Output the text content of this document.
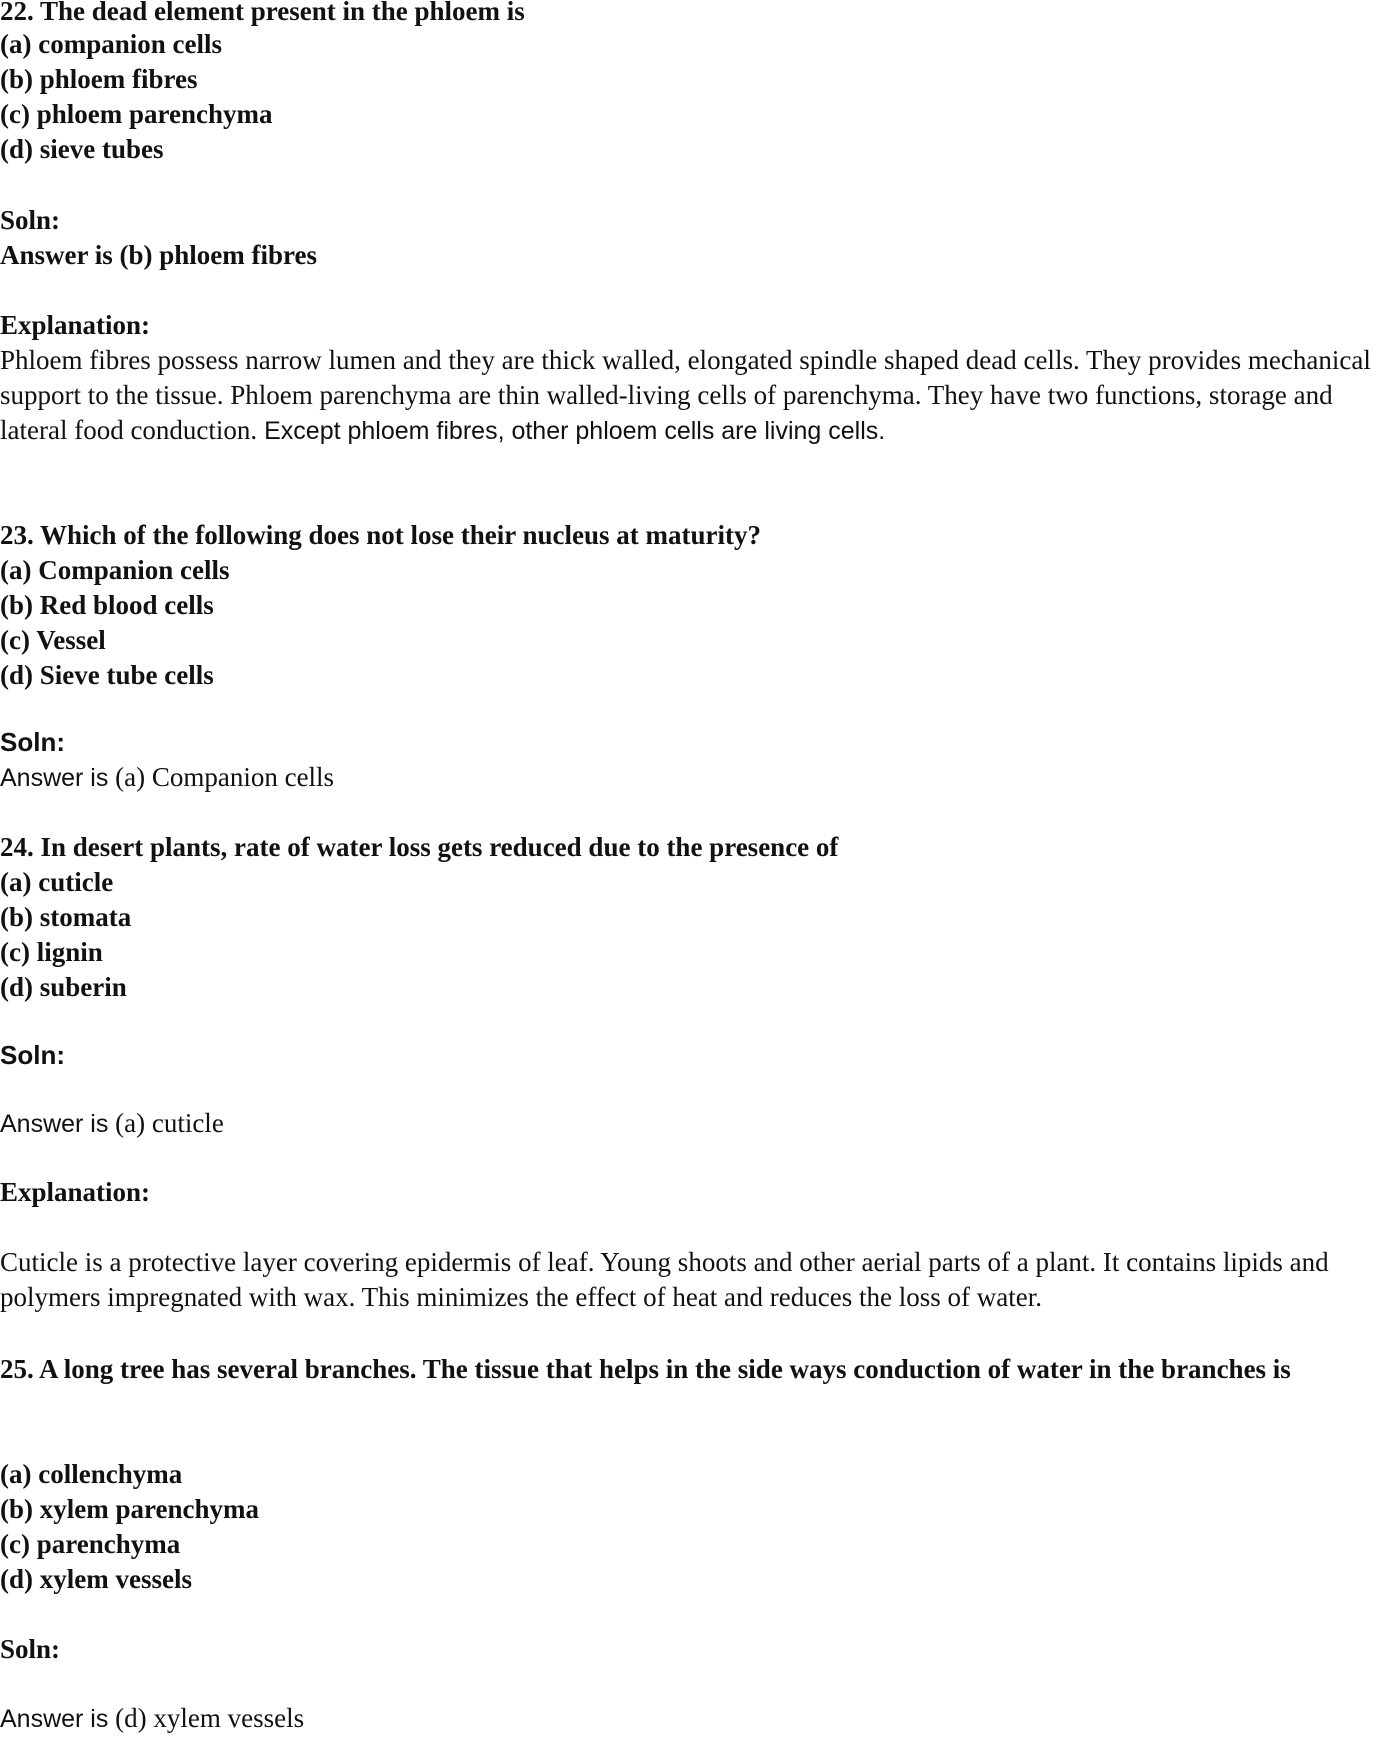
22. The dead element present in the phloem is
(a) companion cells
(b) phloem fibres
(c) phloem parenchyma
(d) sieve tubes
Soln:
Answer is (b) phloem fibres
Explanation:
Phloem fibres possess narrow lumen and they are thick walled, elongated spindle shaped dead cells. They provides mechanical support to the tissue. Phloem parenchyma are thin walled-living cells of parenchyma. They have two functions, storage and lateral food conduction. Except phloem fibres, other phloem cells are living cells.
23. Which of the following does not lose their nucleus at maturity?
(a) Companion cells
(b) Red blood cells
(c) Vessel
(d) Sieve tube cells
Soln:
Answer is (a) Companion cells
24. In desert plants, rate of water loss gets reduced due to the presence of
(a) cuticle
(b) stomata
(c) lignin
(d) suberin
Soln:
Answer is (a) cuticle
Explanation:
Cuticle is a protective layer covering epidermis of leaf. Young shoots and other aerial parts of a plant. It contains lipids and polymers impregnated with wax. This minimizes the effect of heat and reduces the loss of water.
25. A long tree has several branches. The tissue that helps in the side ways conduction of water in the branches is
(a) collenchyma
(b) xylem parenchyma
(c) parenchyma
(d) xylem vessels
Soln:
Answer is (d) xylem vessels
